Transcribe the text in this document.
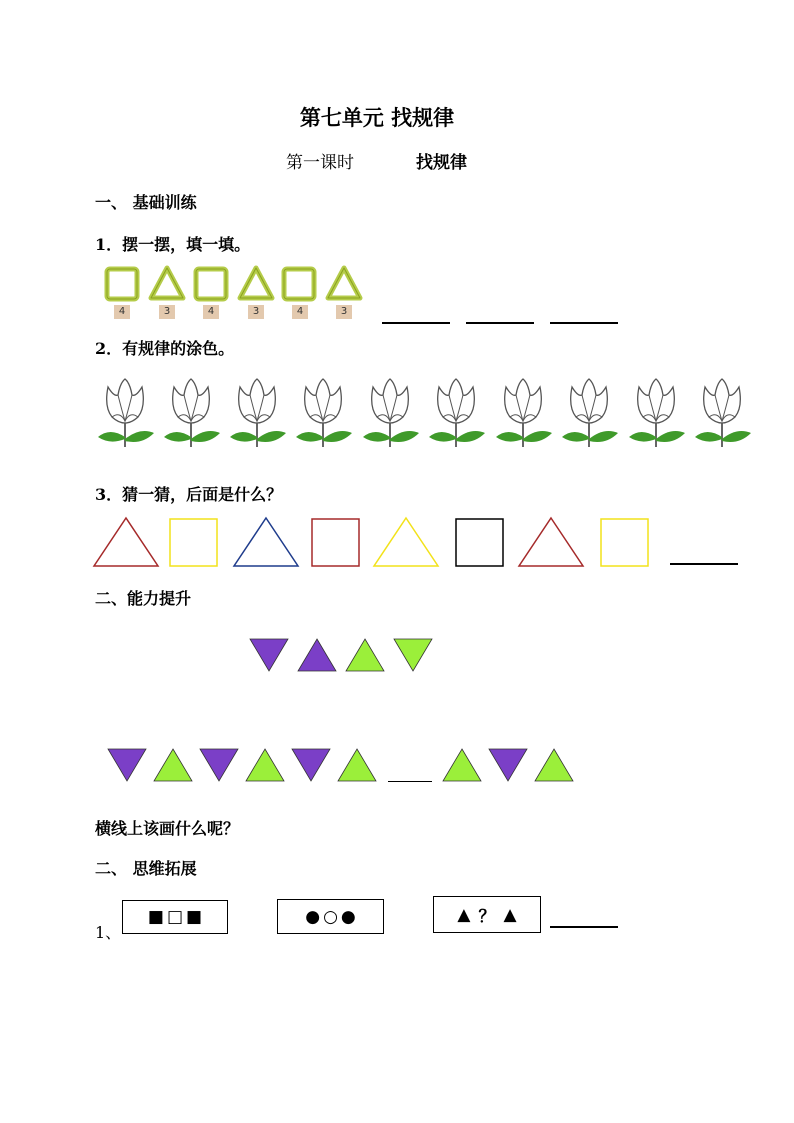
第七单元 找规律
第一课时	找规律
一、 基础训练
1．摆一摆，填一填。
4	3	4	3	4	3
2．有规律的涂色。
3．猜一猜，后面是什么？
二、能力提升
横线上该画什么呢？
二、 思维拓展
1、
■ □ ■	● ○ ●	▲ ？ ▲
